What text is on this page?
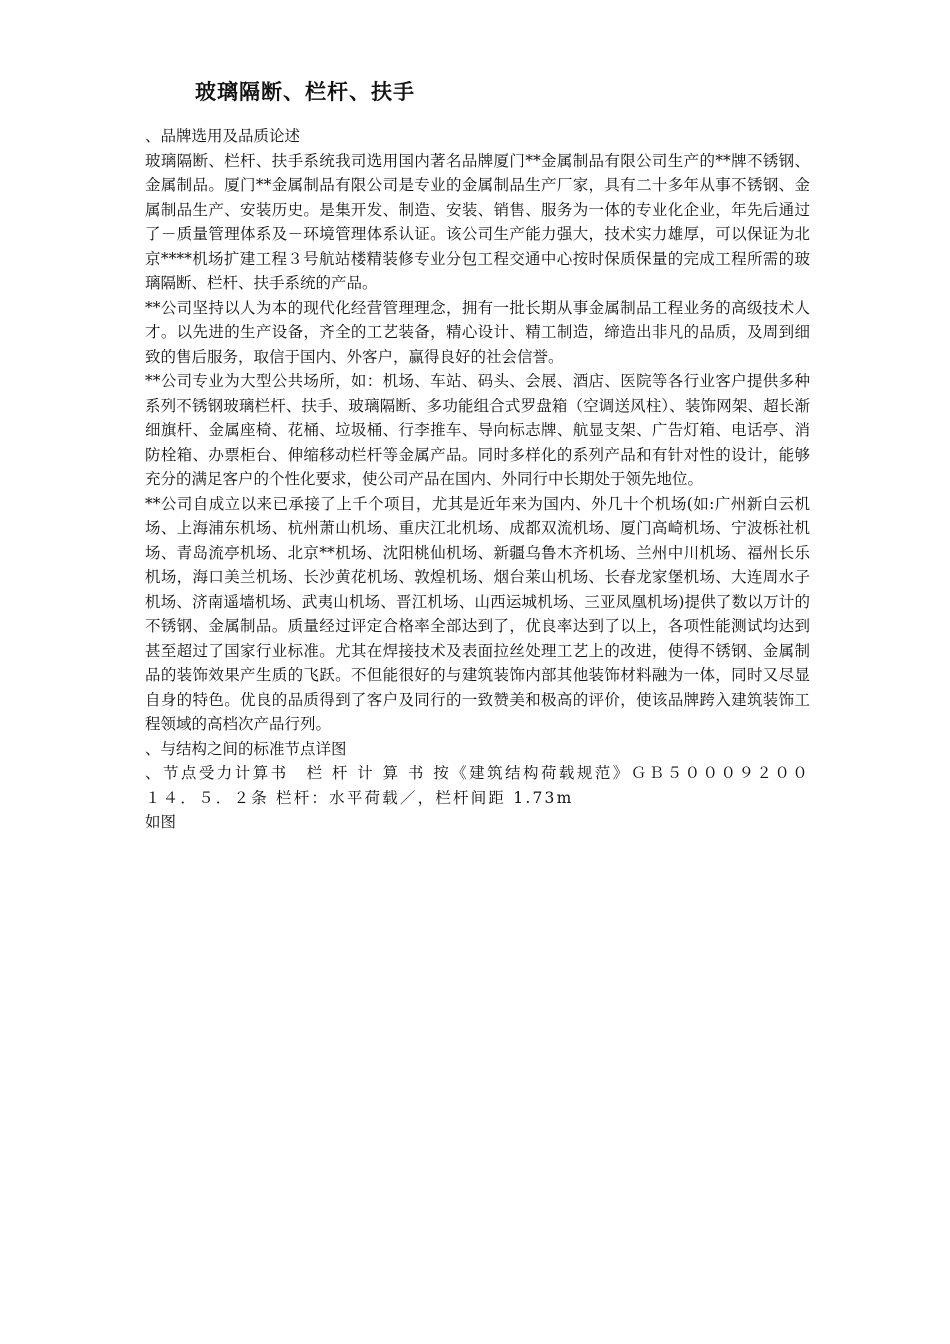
玻璃隔断、栏杆、扶手

、品牌选用及品质论述

玻璃隔断、栏杆、扶手系统我司选用国内著名品牌厦门**金属制品有限公司生产的**牌不锈钢、金属制品。厦门**金属制品有限公司是专业的金属制品生产厂家，具有二十多年从事不锈钢、金属制品生产、安装历史。是集开发、制造、安装、销售、服务为一体的专业化企业，年先后通过了－质量管理体系及－环境管理体系认证。该公司生产能力强大，技术实力雄厚，可以保证为北京****机场扩建工程３号航站楼精装修专业分包工程交通中心按时保质保量的完成工程所需的玻璃隔断、栏杆、扶手系统的产品。

**公司坚持以人为本的现代化经营管理理念，拥有一批长期从事金属制品工程业务的高级技术人才。以先进的生产设备，齐全的工艺装备，精心设计、精工制造，缔造出非凡的品质，及周到细致的售后服务，取信于国内、外客户，赢得良好的社会信誉。

**公司专业为大型公共场所，如：机场、车站、码头、会展、酒店、医院等各行业客户提供多种系列不锈钢玻璃栏杆、扶手、玻璃隔断、多功能组合式罗盘箱（空调送风柱）、装饰网架、超长渐细旗杆、金属座椅、花桶、垃圾桶、行李推车、导向标志牌、航显支架、广告灯箱、电话亭、消防栓箱、办票柜台、伸缩移动栏杆等金属产品。同时多样化的系列产品和有针对性的设计，能够充分的满足客户的个性化要求，使公司产品在国内、外同行中长期处于领先地位。

**公司自成立以来已承接了上千个项目，尤其是近年来为国内、外几十个机场(如:广州新白云机场、上海浦东机场、杭州萧山机场、重庆江北机场、成都双流机场、厦门高崎机场、宁波栎社机场、青岛流亭机场、北京**机场、沈阳桃仙机场、新疆乌鲁木齐机场、兰州中川机场、福州长乐机场，海口美兰机场、长沙黄花机场、敦煌机场、烟台莱山机场、长春龙家堡机场、大连周水子机场、济南遥墙机场、武夷山机场、晋江机场、山西运城机场、三亚凤凰机场)提供了数以万计的不锈钢、金属制品。质量经过评定合格率全部达到了，优良率达到了以上，各项性能测试均达到甚至超过了国家行业标准。尤其在焊接技术及表面拉丝处理工艺上的改进，使得不锈钢、金属制品的装饰效果产生质的飞跃。不但能很好的与建筑装饰内部其他装饰材料融为一体，同时又尽显自身的特色。优良的品质得到了客户及同行的一致赞美和极高的评价，使该品牌跨入建筑装饰工程领域的高档次产品行列。

、与结构之间的标准节点详图

、节点受力计算书　栏 杆 计 算 书 按《建筑结构荷载规范》ＧＢ５０００９２００１４．５．２条 栏杆：水平荷载／，栏杆间距 1.73m

如图
